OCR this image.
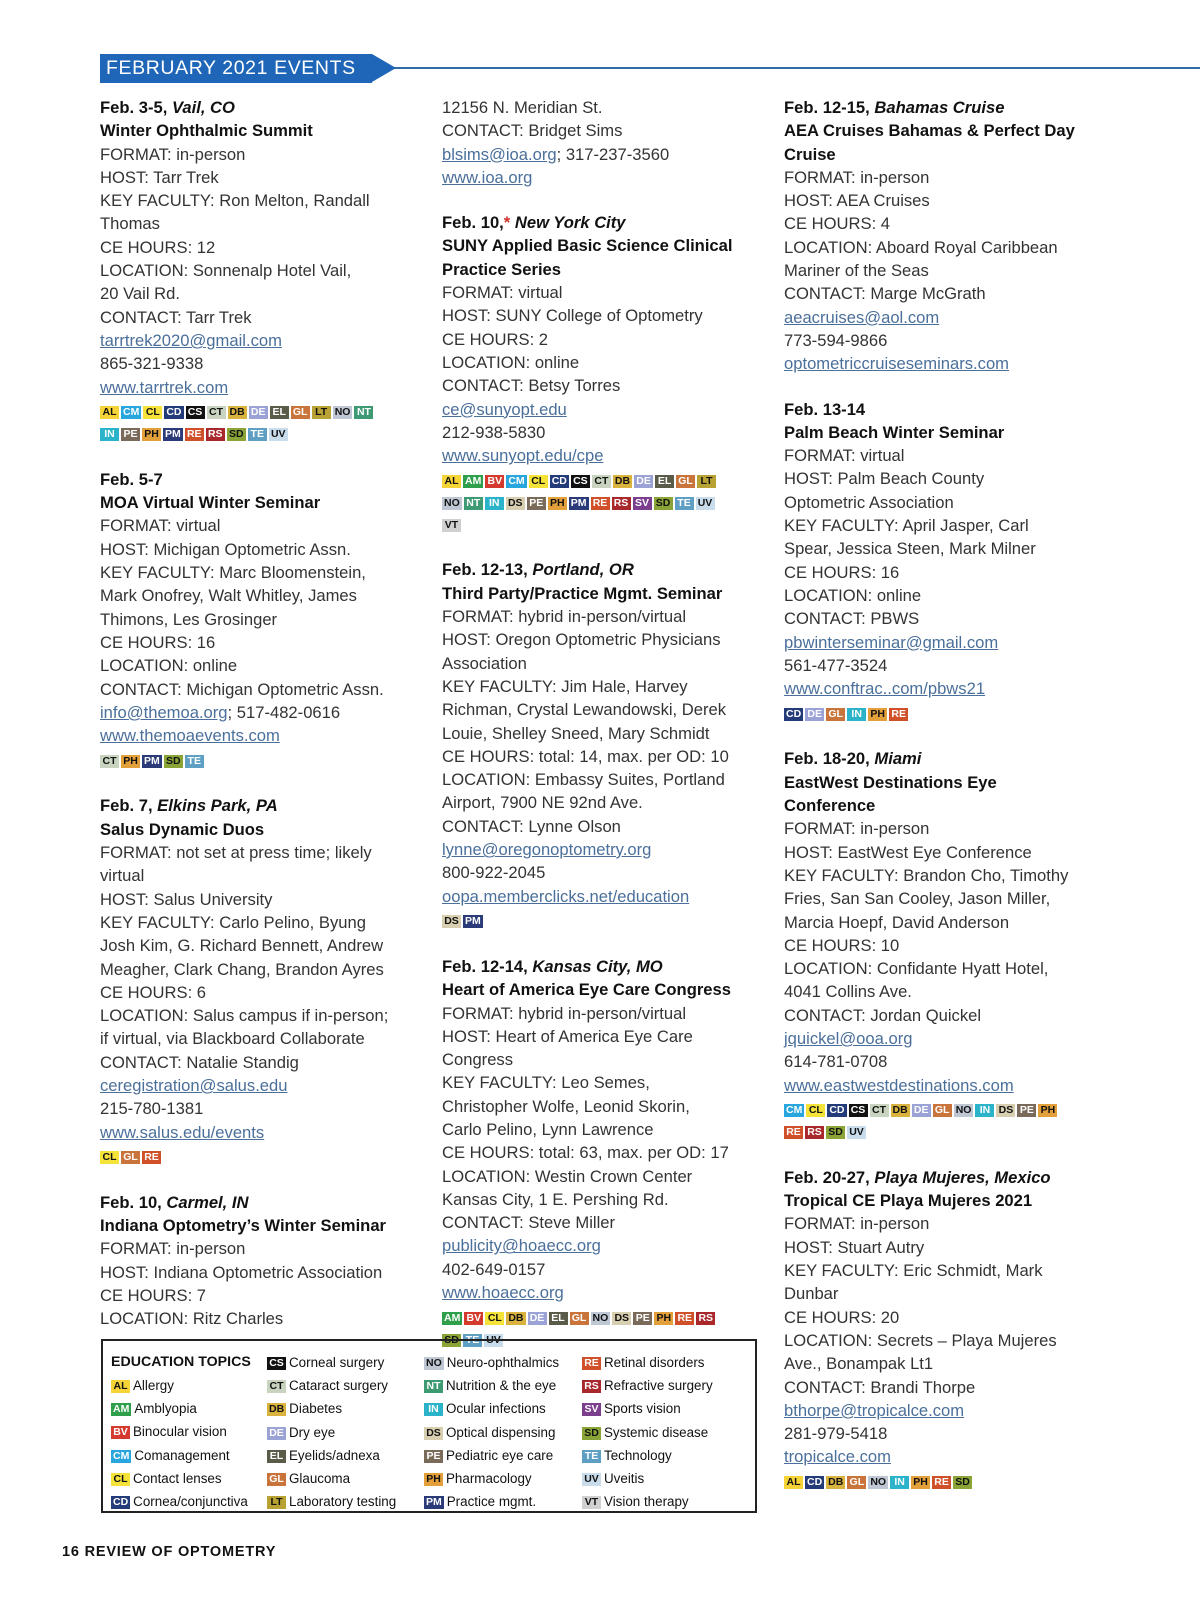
FEBRUARY 2021 EVENTS
Feb. 3-5, Vail, CO
Winter Ophthalmic Summit
FORMAT: in-person
HOST: Tarr Trek
KEY FACULTY: Ron Melton, Randall
Thomas
CE HOURS: 12
LOCATION: Sonnenalp Hotel Vail,
20 Vail Rd.
CONTACT: Tarr Trek
tarrtrek2020@gmail.com
865-321-9338
www.tarrtrek.com
AL CM CL CD CS CT DB DE EL GL LT NO NT
IN PE PH PM RE RS SD TE UV
Feb. 5-7
MOA Virtual Winter Seminar
FORMAT: virtual
HOST: Michigan Optometric Assn.
KEY FACULTY: Marc Bloomenstein,
Mark Onofrey, Walt Whitley, James
Thimons, Les Grosinger
CE HOURS: 16
LOCATION: online
CONTACT: Michigan Optometric Assn.
info@themoa.org; 517-482-0616
www.themoaevents.com
CT PH PM SD TE
Feb. 7, Elkins Park, PA
Salus Dynamic Duos
FORMAT: not set at press time; likely
virtual
HOST: Salus University
KEY FACULTY: Carlo Pelino, Byung
Josh Kim, G. Richard Bennett, Andrew
Meagher, Clark Chang, Brandon Ayres
CE HOURS: 6
LOCATION: Salus campus if in-person;
if virtual, via Blackboard Collaborate
CONTACT: Natalie Standig
ceregistration@salus.edu
215-780-1381
www.salus.edu/events
CL GL RE
Feb. 10, Carmel, IN
Indiana Optometry’s Winter Seminar
FORMAT: in-person
HOST: Indiana Optometric Association
CE HOURS: 7
LOCATION: Ritz Charles
12156 N. Meridian St.
CONTACT: Bridget Sims
blsims@ioa.org; 317-237-3560
www.ioa.org
Feb. 10,* New York City
SUNY Applied Basic Science Clinical
Practice Series
FORMAT: virtual
HOST: SUNY College of Optometry
CE HOURS: 2
LOCATION: online
CONTACT: Betsy Torres
ce@sunyopt.edu
212-938-5830
www.sunyopt.edu/cpe
AL AM BV CM CL CD CS CT DB DE EL GL LT
NO NT IN DS PE PH PM RE RS SV SD TE UV
VT
Feb. 12-13, Portland, OR
Third Party/Practice Mgmt. Seminar
FORMAT: hybrid in-person/virtual
HOST: Oregon Optometric Physicians
Association
KEY FACULTY: Jim Hale, Harvey
Richman, Crystal Lewandowski, Derek
Louie, Shelley Sneed, Mary Schmidt
CE HOURS: total: 14, max. per OD: 10
LOCATION: Embassy Suites, Portland
Airport, 7900 NE 92nd Ave.
CONTACT: Lynne Olson
lynne@oregonoptometry.org
800-922-2045
oopa.memberclicks.net/education
DS PM
Feb. 12-14, Kansas City, MO
Heart of America Eye Care Congress
FORMAT: hybrid in-person/virtual
HOST: Heart of America Eye Care
Congress
KEY FACULTY: Leo Semes,
Christopher Wolfe, Leonid Skorin,
Carlo Pelino, Lynn Lawrence
CE HOURS: total: 63, max. per OD: 17
LOCATION: Westin Crown Center
Kansas City, 1 E. Pershing Rd.
CONTACT: Steve Miller
publicity@hoaecc.org
402-649-0157
www.hoaecc.org
AM BV CL DB DE EL GL NO DS PE PH RE RS
SD TE UV
Feb. 12-15, Bahamas Cruise
AEA Cruises Bahamas & Perfect Day
Cruise
FORMAT: in-person
HOST: AEA Cruises
CE HOURS: 4
LOCATION: Aboard Royal Caribbean
Mariner of the Seas
CONTACT: Marge McGrath
aeacruises@aol.com
773-594-9866
optometriccruiseseminars.com
Feb. 13-14
Palm Beach Winter Seminar
FORMAT: virtual
HOST: Palm Beach County
Optometric Association
KEY FACULTY: April Jasper, Carl
Spear, Jessica Steen, Mark Milner
CE HOURS: 16
LOCATION: online
CONTACT: PBWS
pbwinterseminar@gmail.com
561-477-3524
www.conftrac..com/pbws21
CD DE GL IN PH RE
Feb. 18-20, Miami
EastWest Destinations Eye
Conference
FORMAT: in-person
HOST: EastWest Eye Conference
KEY FACULTY: Brandon Cho, Timothy
Fries, San San Cooley, Jason Miller,
Marcia Hoepf, David Anderson
CE HOURS: 10
LOCATION: Confidante Hyatt Hotel,
4041 Collins Ave.
CONTACT: Jordan Quickel
jquickel@ooa.org
614-781-0708
www.eastwestdestinations.com
CM CL CD CS CT DB DE GL NO IN DS PE PH
RE RS SD UV
Feb. 20-27, Playa Mujeres, Mexico
Tropical CE Playa Mujeres 2021
FORMAT: in-person
HOST: Stuart Autry
KEY FACULTY: Eric Schmidt, Mark
Dunbar
CE HOURS: 20
LOCATION: Secrets – Playa Mujeres
Ave., Bonampak Lt1
CONTACT: Brandi Thorpe
bthorpe@tropicalce.com
281-979-5418
tropicalce.com
AL CD DB GL NO IN PH RE SD
EDUCATION TOPICS
AL Allergy
AM Amblyopia
BV Binocular vision
CM Comanagement
CL Contact lenses
CD Cornea/conjunctiva
CS Corneal surgery
CT Cataract surgery
DB Diabetes
DE Dry eye
EL Eyelids/adnexa
GL Glaucoma
LT Laboratory testing
NO Neuro-ophthalmics
NT Nutrition & the eye
IN Ocular infections
DS Optical dispensing
PE Pediatric eye care
PH Pharmacology
PM Practice mgmt.
RE Retinal disorders
RS Refractive surgery
SV Sports vision
SD Systemic disease
TE Technology
UV Uveitis
VT Vision therapy
16 REVIEW OF OPTOMETRY
